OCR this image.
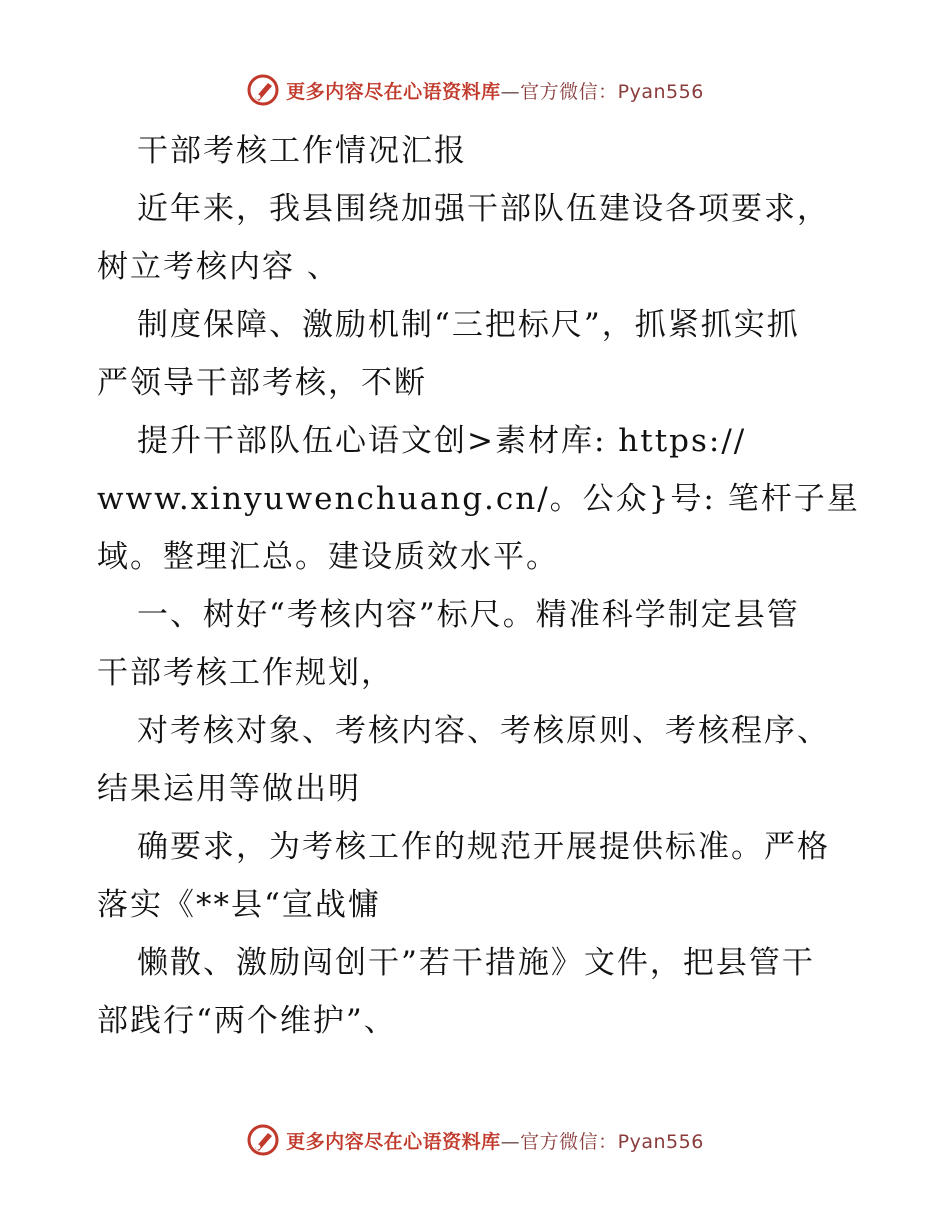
更多内容尽在心语资料库—官方微信：Pyan556
干部考核工作情况汇报
近年来，我县围绕加强干部队伍建设各项要求，
树立考核内容 、
制度保障、激励机制“三把标尺”，抓紧抓实抓
严领导干部考核，不断
提升干部队伍心语文创>素材库: https://
www.xinyuwenchuang.cn/。公众}号: 笔杆子星
域。整理汇总。建设质效水平。
一、树好“考核内容”标尺。精准科学制定县管
干部考核工作规划，
对考核对象、考核内容、考核原则、考核程序、
结果运用等做出明
确要求，为考核工作的规范开展提供标准。严格
落实《**县“宣战慵
懒散、激励闯创干”若干措施》文件，把县管干
部践行“两个维护”、
更多内容尽在心语资料库—官方微信：Pyan556
